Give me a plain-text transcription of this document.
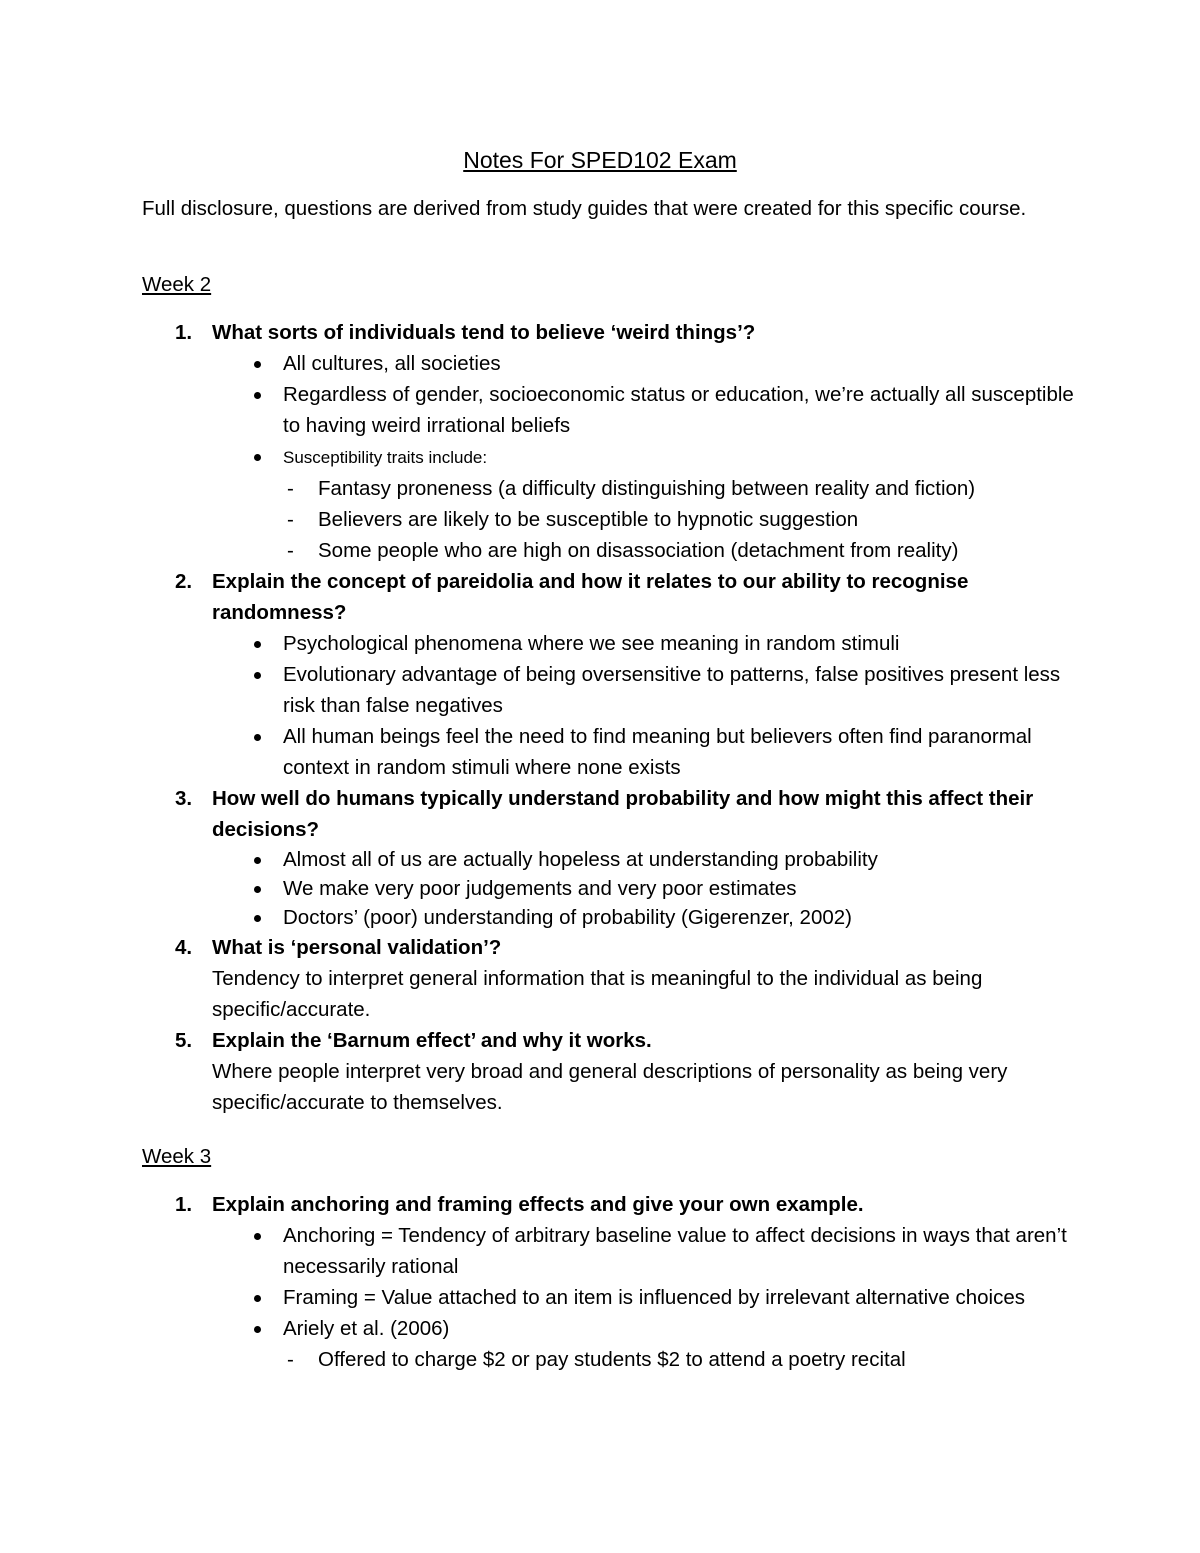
Notes For SPED102 Exam

Full disclosure, questions are derived from study guides that were created for this specific course.

Week 2
1. What sorts of individuals tend to believe ‘weird things’?
All cultures, all societies
Regardless of gender, socioeconomic status or education, we’re actually all susceptible to having weird irrational beliefs
Susceptibility traits include:
- Fantasy proneness (a difficulty distinguishing between reality and fiction)
- Believers are likely to be susceptible to hypnotic suggestion
- Some people who are high on disassociation (detachment from reality)
2. Explain the concept of pareidolia and how it relates to our ability to recognise randomness?
Psychological phenomena where we see meaning in random stimuli
Evolutionary advantage of being oversensitive to patterns, false positives present less risk than false negatives
All human beings feel the need to find meaning but believers often find paranormal context in random stimuli where none exists
3. How well do humans typically understand probability and how might this affect their decisions?
Almost all of us are actually hopeless at understanding probability
We make very poor judgements and very poor estimates
Doctors’ (poor) understanding of probability (Gigerenzer, 2002)
4. What is ‘personal validation’?
Tendency to interpret general information that is meaningful to the individual as being specific/accurate.
5. Explain the ‘Barnum effect’ and why it works.
Where people interpret very broad and general descriptions of personality as being very specific/accurate to themselves.
Week 3
1. Explain anchoring and framing effects and give your own example.
Anchoring = Tendency of arbitrary baseline value to affect decisions in ways that aren’t necessarily rational
Framing = Value attached to an item is influenced by irrelevant alternative choices
Ariely et al. (2006)
- Offered to charge $2 or pay students $2 to attend a poetry recital
